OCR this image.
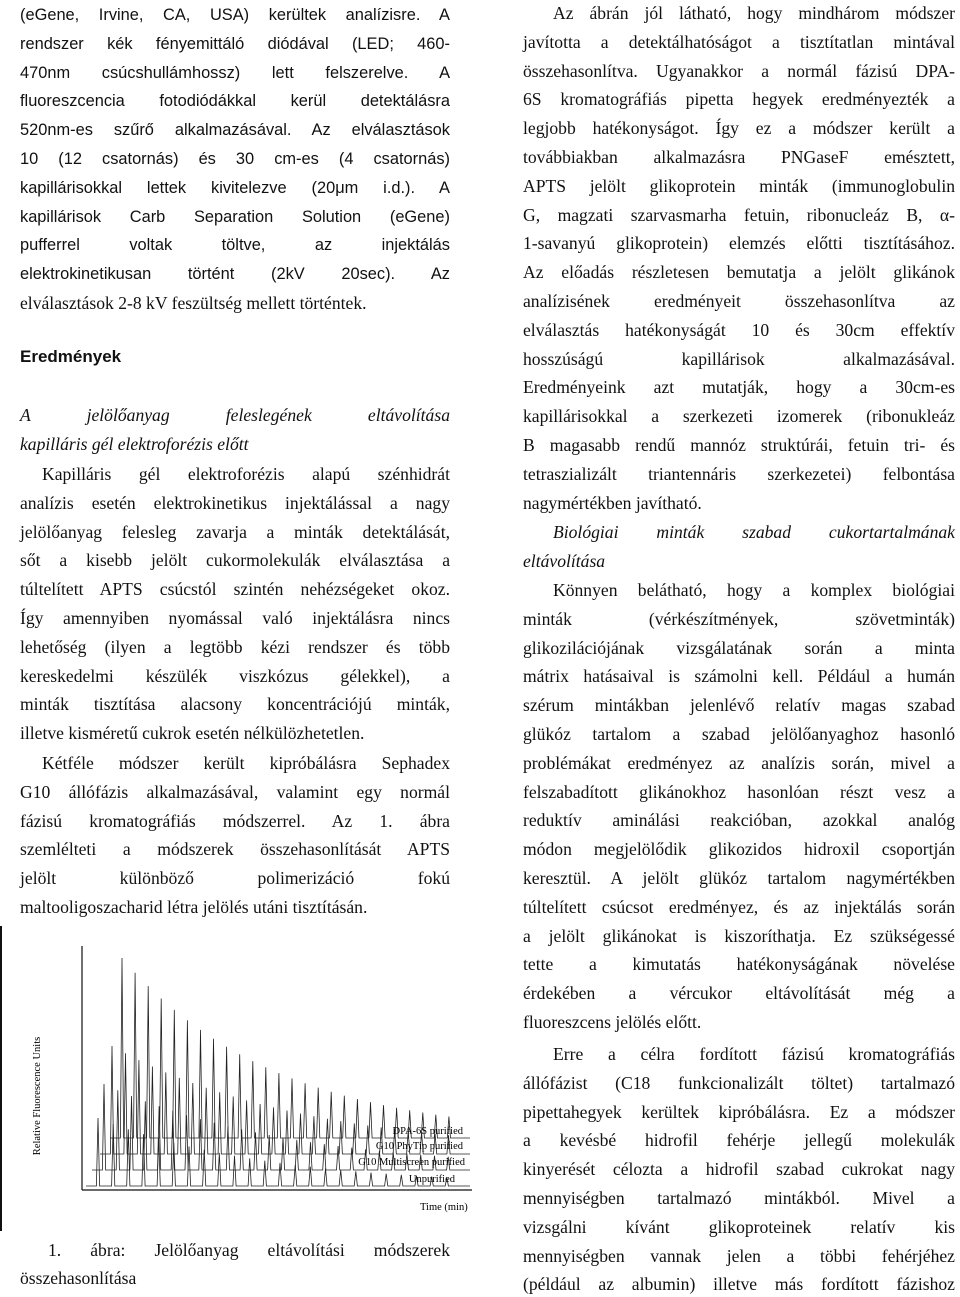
(eGene, Irvine, CA, USA) kerültek analízisre. A
rendszer kék fényemittáló diódával (LED; 460-
470nm csúcshullámhossz) lett felszerelve. A
fluoreszcencia fotodiódákkal kerül detektálásra
520nm-es szűrő alkalmazásával. Az elválasztások
10 (12 csatornás) és 30 cm-es (4 csatornás)
kapillárisokkal lettek kivitelezve (20μm i.d.). A
kapillárisok Carb Separation Solution (eGene)
pufferrel voltak töltve, az injektálás
elektrokinetikusan történt (2kV 20sec). Az
elválasztások 2-8 kV feszültség mellett történtek.
Eredmények
A jelölőanyag feleslegének eltávolítása
kapilláris gél elektroforézis előtt
Kapilláris gél elektroforézis alapú szénhidrát
analízis esetén elektrokinetikus injektálással a nagy
jelölőanyag felesleg zavarja a minták detektálását,
sőt a kisebb jelölt cukormolekulák elválasztása a
túltelített APTS csúcstól szintén nehézségeket okoz.
Így amennyiben nyomással való injektálásra nincs
lehetőség (ilyen a legtöbb kézi rendszer és több
kereskedelmi készülék viszkózus gélekkel), a
minták tisztítása alacsony koncentrációjú minták,
illetve kisméretű cukrok esetén nélkülözhetetlen.
Kétféle módszer került kipróbálásra Sephadex
G10 állófázis alkalmazásával, valamint egy normál
fázisú kromatográfiás módszerrel. Az 1. ábra
szemlélteti a módszerek összehasonlítását APTS
jelölt különböző polimerizáció fokú
maltooligoszacharid létra jelölés utáni tisztításán.
1. ábra: Jelölőanyag eltávolítási módszerek
összehasonlítása
Az ábrán jól látható, hogy mindhárom módszer
javította a detektálhatóságot a tisztítatlan mintával
összehasonlítva. Ugyanakkor a normál fázisú DPA-
6S kromatográfiás pipetta hegyek eredményezték a
legjobb hatékonyságot. Így ez a módszer került a
továbbiakban alkalmazásra PNGaseF emésztett,
APTS jelölt glikoprotein minták (immunoglobulin
G, magzati szarvasmarha fetuin, ribonucleáz B, α-
1-savanyú glikoprotein) elemzés előtti tisztításához.
Az előadás részletesen bemutatja a jelölt glikánok
analízisének eredményeit összehasonlítva az
elválasztás hatékonyságát 10 és 30cm effektív
hosszúságú kapillárisok alkalmazásával.
Eredményeink azt mutatják, hogy a 30cm-es
kapillárisokkal a szerkezeti izomerek (ribonukleáz
B magasabb rendű mannóz struktúrái, fetuin tri- és
tetraszializált triantennáris szerkezetei) felbontása
nagymértékben javítható.
Biológiai minták szabad cukortartalmának
eltávolítása
Könnyen belátható, hogy a komplex biológiai
minták (vérkészítmények, szövetminták)
glikozilációjának vizsgálatának során a minta
mátrix hatásaival is számolni kell. Például a humán
szérum mintákban jelenlévő relatív magas szabad
glükóz tartalom a szabad jelölőanyaghoz hasonló
problémákat eredményez az analízis során, mivel a
felszabadított glikánokhoz hasonlóan részt vesz a
reduktív aminálási reakcióban, azokkal analóg
módon megjelölődik glikozidos hidroxil csoportján
keresztül. A jelölt glükóz tartalom nagymértékben
túltelített csúcsot eredményez, és az injektálás során
a jelölt glikánokat is kiszoríthatja. Ez szükségessé
tette a kimutatás hatékonyságának növelése
érdekében a vércukor eltávolítását még a
fluoreszcens jelölés előtt.
Erre a célra fordított fázisú kromatográfiás
állófázist (C18 funkcionalizált töltet) tartalmazó
pipettahegyek kerültek kipróbálásra. Ez a módszer
a kevésbé hidrofil fehérje jellegű molekulák
kinyerését célozta a hidrofil szabad cukrokat nagy
mennyiségben tartalmazó mintákból. Mivel a
vizsgálni kívánt glikoproteinek relatív kis
mennyiségben vannak jelen a többi fehérjéhez
(például az albumin) illetve más fordított fázishoz
Relative Fluorescence Units	DPA-6S purified
G10 PhyTip purified
G10 Multiscreen purified
Unpurified
Time (min)
